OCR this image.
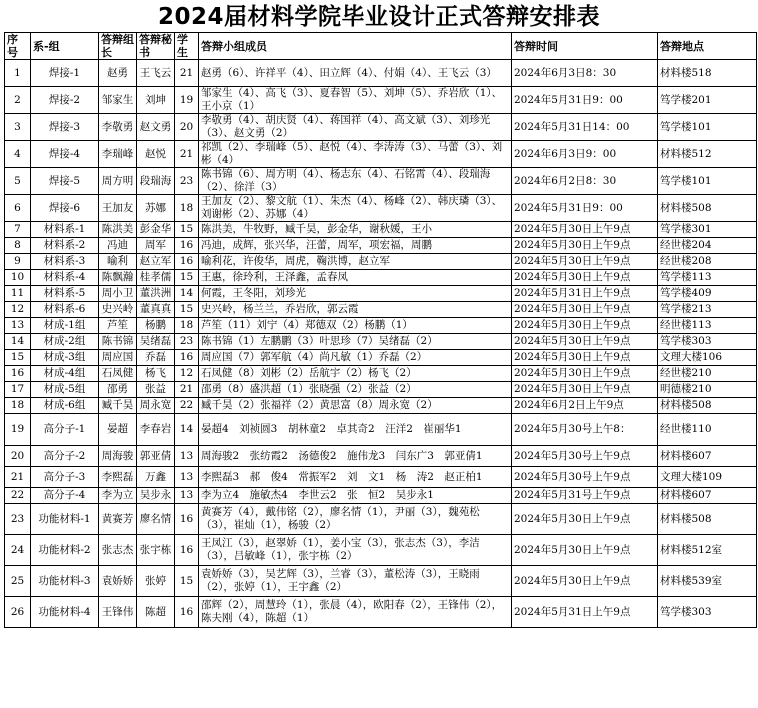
2024届材料学院毕业设计正式答辩安排表
序号	系-组	答辩组长	答辩秘书	学生	答辩小组成员	答辩时间	答辩地点
1	焊接-1	赵勇	王飞云	21	赵勇（6）、许祥平（4）、田立辉（4）、付娟（4）、王飞云（3）	2024年6月3日8：30	材料楼518
2	焊接-2	邹家生	刘坤	19	邹家生（4）、高飞（3）、夏春智（5）、刘坤（5）、乔岩欣（1）、王小京（1）	2024年5月31日9：00	笃学楼201
3	焊接-3	李敬勇	赵文勇	20	李敬勇（4）、胡庆贤（4）、蒋国祥（4）、高文斌（3）、刘珍光（3）、赵文勇（2）	2024年5月31日14：00	笃学楼101
4	焊接-4	李瑞峰	赵悦	21	祁凯（2）、李瑞峰（5）、赵悦（4）、李涛涛（3）、马蕾（3）、刘彬（4）	2024年6月3日9：00	材料楼512
5	焊接-5	周方明	段瑞海	23	陈书锦（6）、周方明（4）、杨志东（4）、石铭霄（4）、段瑞海（2）、徐洋（3）	2024年6月2日8：30	笃学楼101
6	焊接-6	王加友	苏娜	18	王加友（2）、黎文航（1）、朱杰（4）、杨峰（2）、韩庆璘（3）、刘谢彬（2）、苏娜（4）	2024年5月31日9：00	材料楼508
7	材料系-1	陈洪美	彭金华	15	陈洪美，牛牧野，臧千昊，彭金华，谢秋媛，王小	2024年5月30日上午9点	笃学楼301
8	材料系-2	冯迪	周军	16	冯迪，成辉，张兴华，汪蕾，周军，项宏福，周鹏	2024年5月30日上午9点	经世楼204
9	材料系-3	喻利	赵立军	16	喻利花，许俊华，周虎，鞠洪博，赵立军	2024年5月30日上午9点	经世楼208
10	材料系-4	陈飘瀚	桂孝儒	15	王惠，徐玲利，王泽鑫，孟春凤	2024年5月30日上午9点	笃学楼113
11	材料系-5	周小卫	董洪洲	14	何霞，王冬阳，刘珍光	2024年5月31日上午9点	笃学楼409
12	材料系-6	史兴岭	董真真	15	史兴岭，杨兰兰，乔岩欣，郭云霞	2024年5月30日上午9点	笃学楼213
13	材成-1组	芦笙	杨鹏	18	芦笙（11）刘宁（4）郑德双（2）杨鹏（1）	2024年5月30日上午9点	经世楼113
14	材成-2组	陈书锦	吴绪磊	23	陈书锦（1）左鹏鹏（3）叶思珍（7）吴绪磊（2）	2024年5月30日上午9点	笃学楼303
15	材成-3组	周应国	乔磊	16	周应国（7）郭军航（4）尚凡敏（1）乔磊（2）	2024年5月30日上午9点	文理大楼106
16	材成-4组	石凤健	杨飞	12	石凤健（8）刘彬（2）岳航宇（2）杨飞（2）	2024年5月30日上午9点	经世楼210
17	材成-5组	邵勇	张益	21	邵勇（8）盛洪超（1）张晓强（2）张益（2）	2024年5月30日上午9点	明德楼210
18	材成-6组	臧千昊	周永宽	22	臧千昊（2）张福祥（2）黄思富（8）周永宽（2）	2024年6月2日上午9点	材料楼508
19	高分子-1	晏超	李春岩	14	晏超4　刘祯圆3　胡林童2　卓其奇2　汪洋2　崔丽华1	2024年5月30号上午8：	经世楼110
20	高分子-2	周海骏	郭亚倩	13	周海骏2　张纺霞2　汤德俊2　施伟龙3　闫东广3　郭亚倩1	2024年5月30号上午9点	材料楼607
21	高分子-3	李熙磊	万鑫	13	李熙磊3　郝　俊4　常振军2　刘　文1　杨　涛2　赵正柏1	2024年5月30号上午9点	文理大楼109
22	高分子-4	李为立	吴步永	13	李为立4　施敏杰4　李世云2　张　恒2　吴步永1	2024年5月31号上午9点	材料楼607
23	功能材料-1	黄赛芳	廖名情	16	黄赛芳（4），戴伟铭（2），廖名情（1），尹丽（3），魏苑松（3），崔灿（1），杨骏（2）	2024年5月30日上午9点	材料楼508
24	功能材料-2	张志杰	张宇栋	16	王凤江（3），赵翠娇（1），姜小宝（3），张志杰（3），李洁（3），吕敏峰（1），张宇栋（2）	2024年5月30日上午9点	材料楼512室
25	功能材料-3	袁娇娇	张婷	15	袁娇娇（3），吴艺辉（3），兰睿（3），董松涛（3），王晓雨（2），张婷（1），王宇鑫（2）	2024年5月30日上午9点	材料楼539室
26	功能材料-4	王锋伟	陈超	16	邵辉（2），周慧玲（1），张晨（4），欧阳春（2），王锋伟（2），陈夫刚（4），陈超（1）	2024年5月31日上午9点	笃学楼303
